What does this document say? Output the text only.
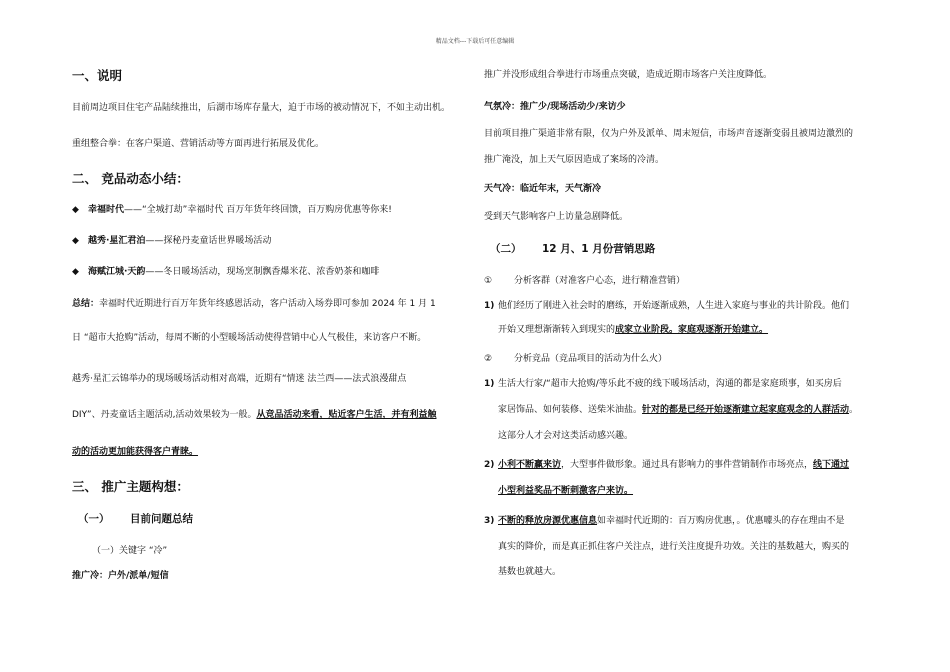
精品文档---下载后可任意编辑
一、说明
目前周边项目住宅产品陆续推出，后湖市场库存量大，迫于市场的被动情况下，不如主动出机。
重组整合拳：在客户渠道、营销活动等方面再进行拓展及优化。
二、 竞品动态小结：
◆ 幸福时代——“全城打劫”幸福时代 百万年货年终回馈，百万购房优惠等你来!
◆ 越秀·星汇君泊——探秘丹麦童话世界暖场活动
◆ 海赋江城·天韵——冬日暖场活动，现场烹制飘香爆米花、浓香奶茶和咖啡
总结：幸福时代近期进行百万年货年终感恩活动，客户活动入场券即可参加 2024 年 1 月 1
日 “超市大抢购”活动，每周不断的小型暖场活动使得营销中心人气极佳，来访客户不断。
越秀·星汇云锦举办的现场暖场活动相对高端，近期有“情迷 法兰西——法式浪漫甜点
DIY”、丹麦童话主题活动,活动效果较为一般。从竞品活动来看，贴近客户生活，并有利益触
动的活动更加能获得客户青睐。
三、 推广主题构想：
（一） 目前问题总结
（一）关键字 “冷”
推广冷：户外/派单/短信
推广并没形成组合拳进行市场重点突破，造成近期市场客户关注度降低。
气氛冷：推广少/现场活动少/来访少
目前项目推广渠道非常有限，仅为户外及派单、周末短信，市场声音逐渐变弱且被周边激烈的
推广淹没，加上天气原因造成了案场的冷清。
天气冷：临近年末，天气渐冷
受到天气影响客户上访量急剧降低。
（二） 12 月、1 月份营销思路
① 分析客群（对准客户心态，进行精准营销）
1) 他们经历了刚进入社会时的磨练，开始逐渐成熟，人生进入家庭与事业的共计阶段。他们
开始又理想渐渐转入到现实的成家立业阶段。家庭观逐渐开始建立。
② 分析竞品（竞品项目的活动为什么火）
1) 生活大行家/“超市大抢购/等乐此不疲的线下暖场活动，沟通的都是家庭琐事，如买房后
家居饰品、如何装修、送柴米油盐。针对的都是已经开始逐渐建立起家庭观念的人群活动。
这部分人才会对这类活动感兴趣。
2) 小利不断赢来访，大型事件做形象。通过具有影响力的事件营销制作市场亮点，线下通过
小型利益奖品不断刺激客户来访。
3) 不断的释放房源优惠信息如幸福时代近期的：百万购房优惠，。优惠噱头的存在理由不是
真实的降价，而是真正抓住客户关注点，进行关注度提升功效。关注的基数越大，购买的
基数也就越大。
